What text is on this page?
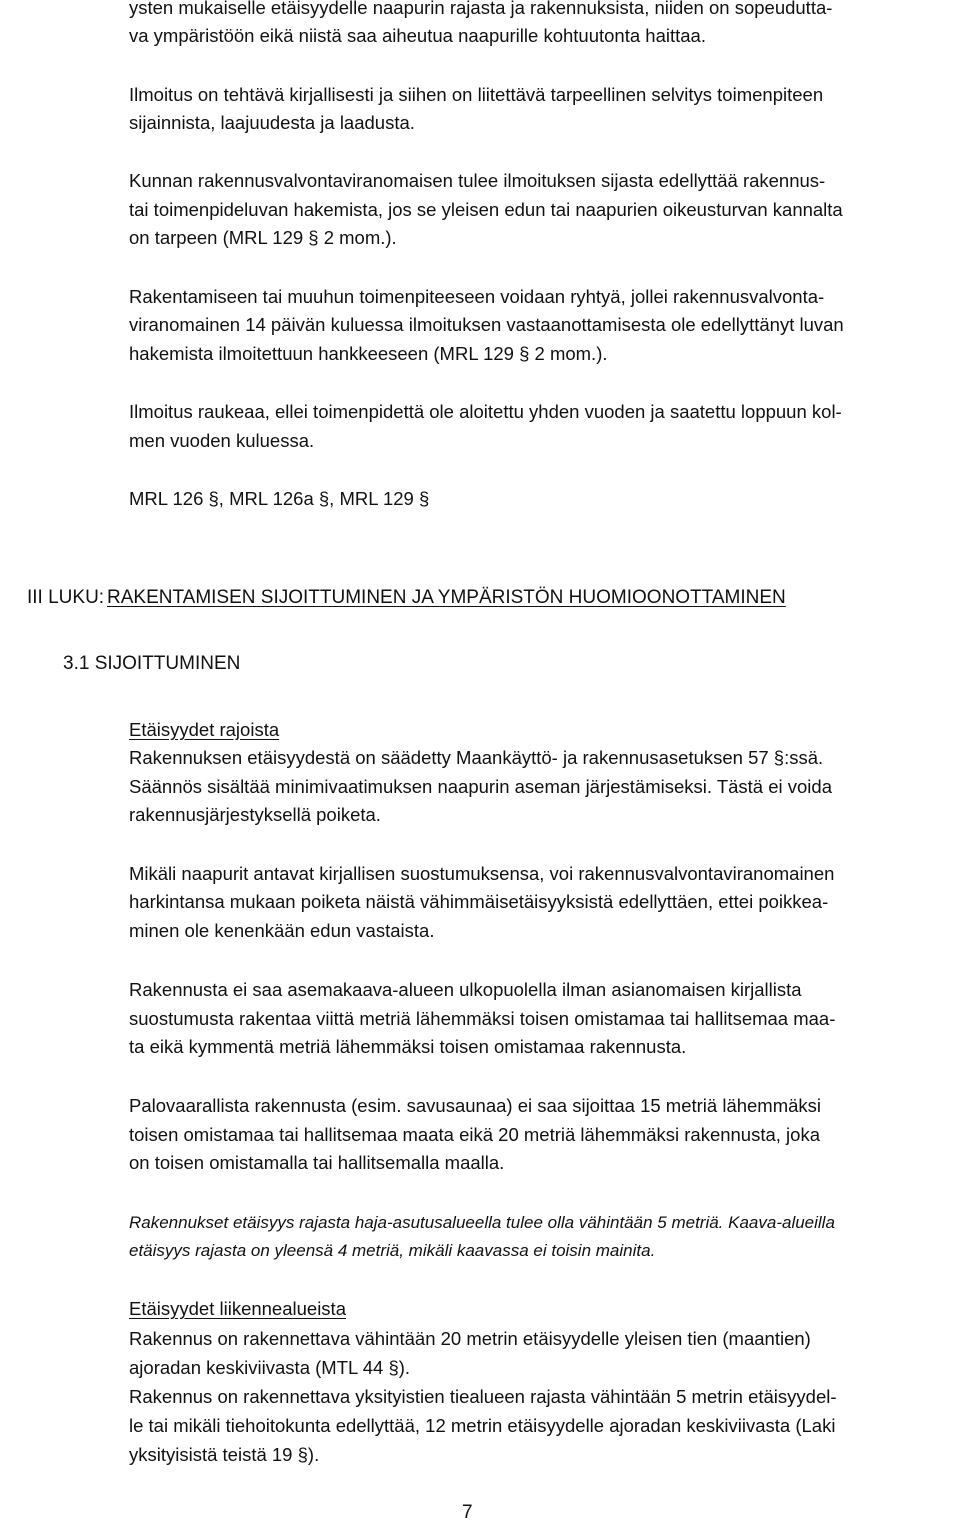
ysten mukaiselle etäisyydelle naapurin rajasta ja rakennuksista, niiden on sopeudutta-
va ympäristöön eikä niistä saa aiheutua naapurille kohtuutonta haittaa.
Ilmoitus on tehtävä kirjallisesti ja siihen on liitettävä tarpeellinen selvitys toimenpiteen
sijainnista, laajuudesta ja laadusta.
Kunnan rakennusvalvontaviranomaisen tulee ilmoituksen sijasta edellyttää rakennus-
tai toimenpideluvan hakemista, jos se yleisen edun tai naapurien oikeusturvan kannalta
on tarpeen (MRL 129 § 2 mom.).
Rakentamiseen tai muuhun toimenpiteeseen voidaan ryhtyä, jollei rakennusvalvonta-
viranomainen 14 päivän kuluessa ilmoituksen vastaanottamisesta ole edellyttänyt luvan
hakemista ilmoitettuun hankkeeseen (MRL 129 § 2 mom.).
Ilmoitus raukeaa, ellei toimenpidettä ole aloitettu yhden vuoden ja saatettu loppuun kol-
men vuoden kuluessa.
MRL 126 §, MRL 126a §, MRL 129 §
III LUKU: RAKENTAMISEN SIJOITTUMINEN JA YMPÄRISTÖN HUOMIOONOTTAMINEN
3.1 SIJOITTUMINEN
Etäisyydet rajoista
Rakennuksen etäisyydestä on säädetty Maankäyttö- ja rakennusasetuksen 57 §:ssä.
Säännös sisältää minimivaatimuksen naapurin aseman järjestämiseksi. Tästä ei voida
rakennusjärjestyksellä poiketa.
Mikäli naapurit antavat kirjallisen suostumuksensa, voi rakennusvalvontaviranomainen
harkintansa mukaan poiketa näistä vähimmäisetäisyyksistä edellyttäen, ettei poikkea-
minen ole kenenkään edun vastaista.
Rakennusta ei saa asemakaava-alueen ulkopuolella ilman asianomaisen kirjallista
suostumusta rakentaa viittä metriä lähemmäksi toisen omistamaa tai hallitsemaa maa-
ta eikä kymmentä metriä lähemmäksi toisen omistamaa rakennusta.
Palovaarallista rakennusta (esim. savusaunaa) ei saa sijoittaa 15 metriä lähemmäksi
toisen omistamaa tai hallitsemaa maata eikä 20 metriä lähemmäksi rakennusta, joka
on toisen omistamalla tai hallitsemalla maalla.
Rakennukset etäisyys rajasta haja-asutusalueella tulee olla vähintään 5 metriä. Kaava-alueilla
etäisyys rajasta on yleensä 4 metriä, mikäli kaavassa ei toisin mainita.
Etäisyydet liikennealueista
Rakennus on rakennettava vähintään 20 metrin etäisyydelle yleisen tien (maantien)
ajoradan keskiviivasta (MTL 44 §).
Rakennus on rakennettava yksityistien tiealueen rajasta vähintään 5 metrin etäisyydel-
le tai mikäli tiehoitokunta edellyttää, 12 metrin etäisyydelle ajoradan keskiviivasta (Laki
yksityisistä teistä 19 §).
7
